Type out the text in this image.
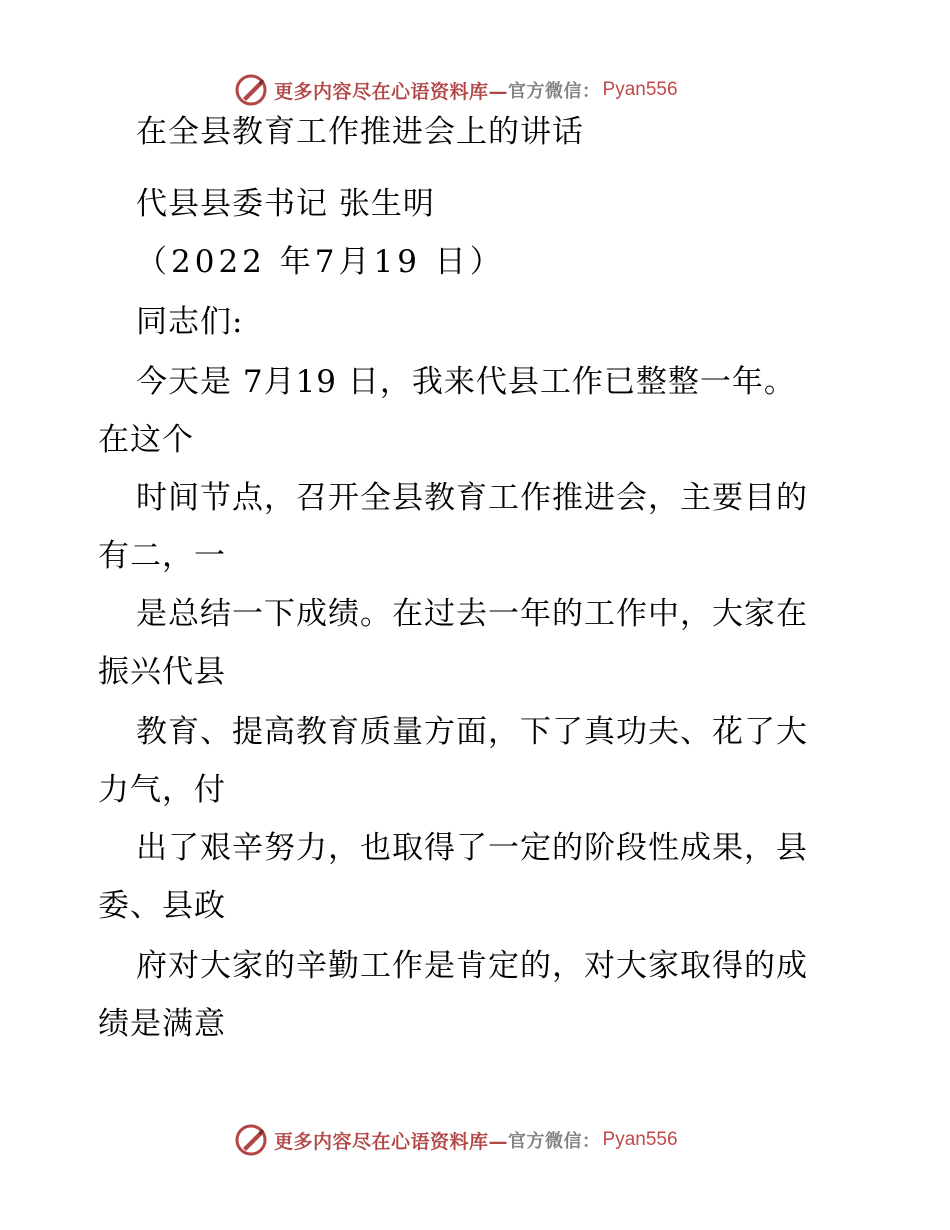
更多内容尽在心语资料库— 官方微信： Pyan556
在全县教育工作推进会上的讲话
代县县委书记 张生明
（2022 年7月19 日）
同志们:
今天是 7月19 日，我来代县工作已整整一年。
在这个
时间节点，召开全县教育工作推进会，主要目的
有二，一
是总结一下成绩。在过去一年的工作中，大家在
振兴代县
教育、提高教育质量方面，下了真功夫、花了大
力气，付
出了艰辛努力，也取得了一定的阶段性成果，县
委、县政
府对大家的辛勤工作是肯定的，对大家取得的成
绩是满意
更多内容尽在心语资料库— 官方微信： Pyan556
